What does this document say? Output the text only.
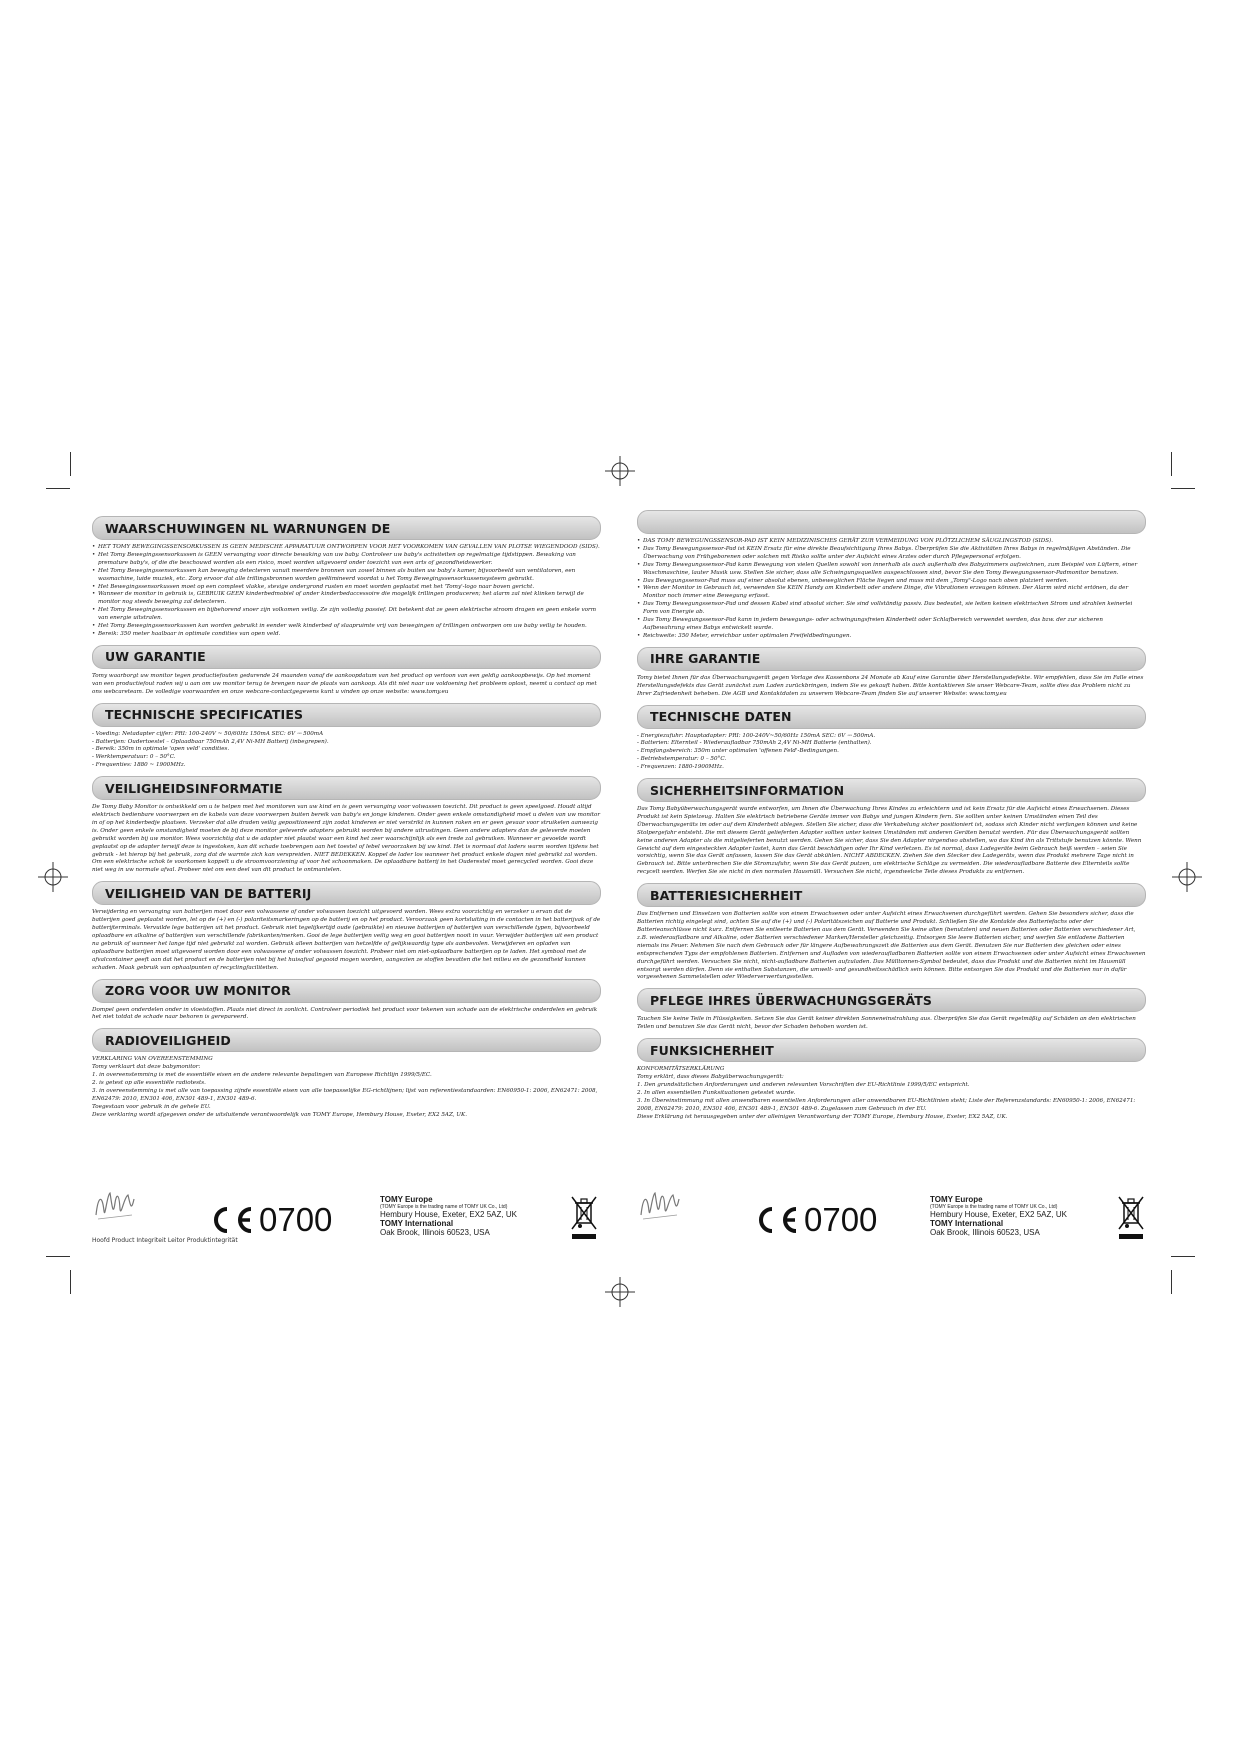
WAARSCHUWINGEN NL WARNUNGEN DE
• HET TOMY BEWEGINGSSENSORKUSSEN IS GEEN MEDISCHE APPARATUUR ONTWORPEN VOOR HET VOORKOMEN VAN GEVALLEN VAN PLOTSE WIEGENDOOD (SIDS).
• Het Tomy Bewegingssensorkussen is GEEN vervanging voor directe bewaking van uw baby. Controleer uw baby's activiteiten op regelmatige tijdstippen. Bewaking van premature baby's, of die die beschouwd worden als een risico, moet worden uitgevoerd onder toezicht van een arts of gezondheidswerker.
• Het Tomy Bewegingssensorkussen kan beweging detecteren vanuit meerdere bronnen van zowel binnen als buiten uw baby's kamer, bijvoorbeeld van ventilatoren, een wasmachine, luide muziek, etc. Zorg ervoor dat alle trillingsbronnen worden geëlimineerd voordat u het Tomy Bewegingssensorkussensysteem gebruikt.
• Het Bewegingssensorkussen moet op een compleet vlakke, stevige ondergrond rusten en moet worden geplaatst met het 'Tomy'-logo naar boven gericht.
• Wanneer de monitor in gebruik is, GEBRUIK GEEN kinderbedmobiel of ander kinderbedaccessoire die mogelijk trillingen produceren; het alarm zal niet klinken terwijl de monitor nog steeds beweging zal detecteren.
• Het Tomy Bewegingssensorkussen en bijbehorend snoer zijn volkomen veilig. Ze zijn volledig passief. Dit betekent dat ze geen elektrische stroom dragen en geen enkele vorm van energie uitstralen.
• Het Tomy Bewegingssensorkussen kan worden gebruikt in eender welk kinderbed of slaapruimte vrij van bewegingen of trillingen ontworpen om uw baby veilig te houden.
• Bereik: 350 meter haalbaar in optimale condities van open veld.
UW GARANTIE

Tomy waarborgt uw monitor tegen productiefouten gedurende 24 maanden vanaf de aankoopdatum van het product op vertoon van een geldig aankoopbewijs. Op het moment van een productiefout raden wij u aan om uw monitor terug te brengen naar de plaats van aankoop. Als dit niet naar uw voldoening het probleem oplost, neemt u contact op met ons webcareteam. De volledige voorwaarden en onze webcare-contactgegevens kunt u vinden op onze website: www.tomy.eu

TECHNISCHE SPECIFICATIES

- Voeding: Netadapter cijfer: PRI: 100-240V ~ 50/60Hz 150mA SEC: 6V ⎓ 500mA

- Batterijen: Oudertoestel – Oplaadbaar 750mAh 2,4V Ni-MH Batterij (inbegrepen).

- Bereik: 350m in optimale 'open veld' condities.

- Werktemperatuur: 0 – 50°C.

- Frequenties: 1880 ~ 1900MHz.

VEILIGHEIDSINFORMATIE

De Tomy Baby Monitor is ontwikkeld om u te helpen met het monitoren van uw kind en is geen vervanging voor volwassen toezicht. Dit product is geen speelgoed. Houdt altijd elektrisch bedienbare voorwerpen en de kabels van deze voorwerpen buiten bereik van baby's en jonge kinderen. Onder geen enkele omstandigheid moet u delen van uw monitor in of op het kinderbedje plaatsen. Verzeker dat alle draden veilig gepositioneerd zijn zodat kinderen er niet verstrikt in kunnen raken en er geen gevaar voor struikelen aanwezig is. Onder geen enkele omstandigheid moeten de bij deze monitor geleverde adapters gebruikt worden bij andere uitrustingen. Geen andere adapters dan de geleverde moeten gebruikt worden bij uw monitor. Wees voorzichtig dat u de adapter niet plaatst waar een kind het zeer waarschijnlijk als een trede zal gebruiken. Wanneer er gevoelde wordt geplaatst op de adapter terwijl deze is ingestoken, kan dit schade toebrengen aan het toestel of lebel veroorzaken bij uw kind. Het is normaal dat laders warm worden tijdens het gebruik - let hierop bij het gebruik, zorg dat de warmte zich kan verspreiden. NIET BEDEKKEN. Koppel de lader los wanneer het product enkele dagen niet gebruikt zal worden. Om een elektrische schok te voorkomen koppelt u de stroomvoorziening af voor het schoonmaken. De oplaadbare batterij in het Ouderestel moet gerecycled worden. Gooi deze niet weg in uw normale afval. Probeer niet om een deel van dit product te ontmantelen.

VEILIGHEID VAN DE BATTERIJ

Verwijdering en vervanging van batterijen moet door een volwassene of onder volwassen toezicht uitgevoerd worden. Wees extra voorzichtig en verzeker u ervan dat de batterijen goed geplaatst worden, let op de (+) en (-) polariteitsmarkeringen op de batterij en op het product. Veroorzaak geen kortsluiting in de contacten in het batterijvak of de batterijterminals. Vervuilde lege batterijen uit het product. Gebruik niet tegelijkertijd oude (gebruikte) en nieuwe batterijen of batterijen van verschillende typen, bijvoorbeeld oplaadbare en alkaline of batterijen van verschillende fabrikanten/merken. Gooi de lege batterijen veilig weg en gooi batterijen nooit in vuur. Verwijder batterijen uit een product na gebruik of wanneer het lange tijd niet gebruikt zal worden. Gebruik alleen batterijen van hetzelfde of gelijkwaardig type als aanbevolen. Verwijderen en opladen van oplaadbare batterijen moet uitgevoerd worden door een volwassene of onder volwassen toezicht. Probeer niet om niet-oplaadbare batterijen op te laden. Het symbool met de afvalcontainer geeft aan dat het product en de batterijen niet bij het huisafval gegooid mogen worden, aangezien ze stoffen bevatten die het milieu en de gezondheid kunnen schaden. Maak gebruik van ophaalpunten of recyclingfaciliteiten.

ZORG VOOR UW MONITOR

Dompel geen onderdelen onder in vloeistoffen. Plaats niet direct in zonlicht. Controleer periodiek het product voor tekenen van schade aan de elektrische onderdelen en gebruik het niet totdat de schade naar behoren is gerepareerd.

RADIOVEILIGHEID

VERKLARING VAN OVEREENSTEMMING

Tomy verklaart dat deze babymonitor:

1. in overeenstemming is met de essentiële eisen en de andere relevante bepalingen van Europese Richtlijn 1999/5/EC.

2. is getest op alle essentiële radiotests.

3. in overeenstemming is met alle van toepassing zijnde essentiële eisen van alle toepasselijke EG-richtlijnen; lijst van referentiestandaarden: EN60950-1: 2006, EN62471: 2008, EN62479: 2010, EN301 406, EN301 489-1, EN301 489-6.

Toegestaan voor gebruik in de gehele EU.

Deze verklaring wordt afgegeven onder de uitsluitende verantwoordelijk van TOMY Europe, Hembury House, Exeter, EX2 5AZ, UK.

• DAS TOMY BEWEGUNGSSENSOR-PAD IST KEIN MEDIZINISCHES GERÄT ZUR VERMEIDUNG VON PLÖTZLICHEM SÄUGLINGSTOD (SIDS).
• Das Tomy Bewegungssensor-Pad ist KEIN Ersatz für eine direkte Beaufsichtigung Ihres Babys. Überprüfen Sie die Aktivitäten Ihres Babys in regelmäßigen Abständen. Die Überwachung von Frühgeborenen oder solchen mit Risiko sollte unter der Aufsicht eines Arztes oder durch Pflegepersonal erfolgen.
• Das Tomy Bewegungssensor-Pad kann Bewegung von vielen Quellen sowohl von innerhalb als auch außerhalb des Babyzimmers aufzeichnen, zum Beispiel von Lüftern, einer Waschmaschine, lauter Musik usw. Stellen Sie sicher, dass alle Schwingungsquellen ausgeschlossen sind, bevor Sie den Tomy Bewegungssensor-Padmonitor benutzen.
• Das Bewegungssensor-Pad muss auf einer absolut ebenen, unbeweglichen Fläche liegen und muss mit dem „Tomy"-Logo nach oben platziert werden.
• Wenn der Monitor in Gebrauch ist, verwenden Sie KEIN Handy am Kinderbett oder andere Dinge, die Vibrationen erzeugen können. Der Alarm wird nicht ertönen, da der Monitor noch immer eine Bewegung erfasst.
• Das Tomy Bewegungssensor-Pad und dessen Kabel sind absolut sicher. Sie sind vollständig passiv. Das bedeutet, sie leiten keinen elektrischen Strom und strahlen keinerlei Form von Energie ab.
• Das Tomy Bewegungssensor-Pad kann in jedem bewegungs- oder schwingungsfreien Kinderbett oder Schlafbereich verwendet werden, das bzw. der zur sicheren Aufbewahrung eines Babys entwickelt wurde.
• Reichweite: 350 Meter, erreichbar unter optimalen Freifeldbedingungen.
IHRE GARANTIE

Tomy bietet Ihnen für das Überwachungsgerät gegen Vorlage des Kassenbons 24 Monate ab Kauf eine Garantie über Herstellungsdefekte. Wir empfehlen, dass Sie im Falle eines Herstellungsdefekts das Gerät zunächst zum Laden zurückbringen, indem Sie es gekauft haben. Bitte kontaktieren Sie unser Webcare-Team, sollte dies das Problem nicht zu Ihrer Zufriedenheit beheben. Die AGB und Kontaktdaten zu unserem Webcare-Team finden Sie auf unserer Website: www.tomy.eu

TECHNISCHE DATEN

- Energiezufuhr: Hauptadapter: PRI: 100-240V~50/60Hz 150mA SEC: 6V ⎓ 500mA.

- Batterien: Elternteil - Wiederaufladbar 750mAh 2,4V Ni-MH Batterie (enthalten).

- Empfangsbereich: 350m unter optimalen 'offenen Feld'-Bedingungen.

- Betriebstemperatur: 0 – 50°C.

- Frequenzen: 1880-1900MHz.

SICHERHEITSINFORMATION

Das Tomy Babyüberwachungsgerät wurde entworfen, um Ihnen die Überwachung Ihres Kindes zu erleichtern und ist kein Ersatz für die Aufsicht eines Erwachsenen. Dieses Produkt ist kein Spielzeug. Halten Sie elektrisch betriebene Geräte immer von Babys und jungen Kindern fern. Sie sollten unter keinen Umständen einen Teil des Überwachungsgeräts im oder auf dem Kinderbett ablegen. Stellen Sie sicher, dass die Verkabelung sicher positioniert ist, sodass sich Kinder nicht verfangen können und keine Stolpergefahr entsteht. Die mit diesem Gerät gelieferten Adapter sollten unter keinen Umständen mit anderen Geräten benutzt werden. Für das Überwachungsgerät sollten keine anderen Adapter als die mitgelieferten benutzt werden. Gehen Sie sicher, dass Sie den Adapter nirgendwo abstellen, wo das Kind ihn als Trittstufe benutzen könnte. Wenn Gewicht auf dem eingesteckten Adapter lastet, kann das Gerät beschädigen oder Ihr Kind verletzen. Es ist normal, dass Ladegeräte beim Gebrauch heiß werden – seien Sie vorsichtig, wenn Sie das Gerät anfassen, lassen Sie das Gerät abkühlen. NICHT ABDECKEN. Ziehen Sie den Stecker des Ladegeräts, wenn das Produkt mehrere Tage nicht in Gebrauch ist. Bitte unterbrechen Sie die Stromzufuhr, wenn Sie das Gerät putzen, um elektrische Schläge zu vermeiden. Die wiederaufladbare Batterie des Elternteils sollte recycelt werden. Werfen Sie sie nicht in den normalen Hausmüll. Versuchen Sie nicht, irgendwelche Teile dieses Produkts zu entfernen.

BATTERIESICHERHEIT

Das Entfernen und Einsetzen von Batterien sollte von einem Erwachsenen oder unter Aufsicht eines Erwachsenen durchgeführt werden. Gehen Sie besonders sicher, dass die Batterien richtig eingelegt sind, achten Sie auf die (+) und (-) Polaritätszeichen auf Batterie und Produkt. Schließen Sie die Kontakte des Batteriefachs oder der Batterieanschlüsse nicht kurz. Entfernen Sie entleerte Batterien aus dem Gerät. Verwenden Sie keine alten (benutzten) und neuen Batterien oder Batterien verschiedener Art, z.B. wiederaufladbare und Alkaline, oder Batterien verschiedener Marken/Hersteller gleichzeitig. Entsorgen Sie leere Batterien sicher, und werfen Sie entladene Batterien niemals ins Feuer. Nehmen Sie nach dem Gebrauch oder für längere Aufbewahrungszeit die Batterien aus dem Gerät. Benutzen Sie nur Batterien des gleichen oder eines entsprechenden Typs der empfohlenen Batterien. Entfernen und Aufladen von wiederaufladbaren Batterien sollte von einem Erwachsenen oder unter Aufsicht eines Erwachsenen durchgeführt werden. Versuchen Sie nicht, nicht-aufladbare Batterien aufzuladen. Das Mülltonnen-Symbol bedeutet, dass das Produkt und die Batterien nicht im Hausmüll entsorgt werden dürfen. Denn sie enthalten Substanzen, die umwelt- und gesundheitsschädlich sein können. Bitte entsorgen Sie das Produkt und die Batterien nur in dafür vorgesehenen Sammelstellen oder Wiederverwertungsstellen.

PFLEGE IHRES ÜBERWACHUNGSGERÄTS

Tauchen Sie keine Teile in Flüssigkeiten. Setzen Sie das Gerät keiner direkten Sonneneinstrahlung aus. Überprüfen Sie das Gerät regelmäßig auf Schäden an den elektrischen Teilen und benutzen Sie das Gerät nicht, bevor der Schaden behoben worden ist.

FUNKSICHERHEIT

KONFORMITÄTSERKLÄRUNG

Tomy erklärt, dass dieses Babyüberwachungsgerät:

1. Den grundsätzlichen Anforderungen und anderen relevanten Vorschriften der EU-Richtlinie 1999/5/EC entspricht.

2. In allen essentiellen Funksituationen getestet wurde.

3. In Übereinstimmung mit allen anwendbaren essentiellen Anforderungen aller anwendbaren EU-Richtlinien steht; Liste der Referenzstandards: EN60950-1: 2006, EN62471: 2008, EN62479: 2010, EN301 406, EN301 489-1, EN301 489-6. Zugelassen zum Gebrauch in der EU.

Diese Erklärung ist herausgegeben unter der alleinigen Verantwortung der TOMY Europe, Hembury House, Exeter, EX2 5AZ, UK.

Hoofd Product Integriteit Leitor Produktintegrität
0700
TOMY Europe
(TOMY Europe is the trading name of TOMY UK Co., Ltd)
Hembury House, Exeter, EX2 5AZ, UK
TOMY International
Oak Brook, Illinois 60523, USA	0700
TOMY Europe
(TOMY Europe is the trading name of TOMY UK Co., Ltd)
Hembury House, Exeter, EX2 5AZ, UK
TOMY International
Oak Brook, Illinois 60523, USA
